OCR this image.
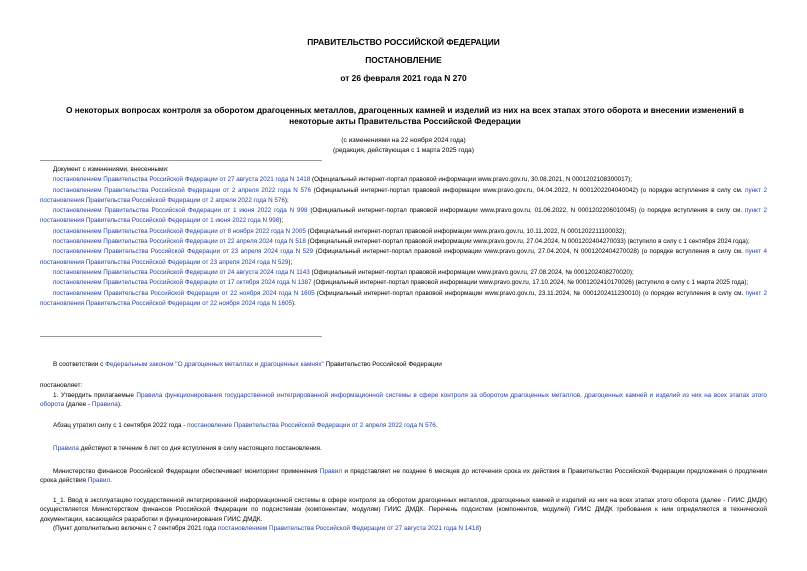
ПРАВИТЕЛЬСТВО РОССИЙСКОЙ ФЕДЕРАЦИИ
ПОСТАНОВЛЕНИЕ
от 26 февраля 2021 года N 270
О некоторых вопросах контроля за оборотом драгоценных металлов, драгоценных камней и изделий из них на всех этапах этого оборота и внесении изменений в некоторые акты Правительства Российской Федерации
(с изменениями на 22 ноября 2024 года)
(редакция, действующая с 1 марта 2025 года)

Документ с изменениями, внесенными:

постановлением Правительства Российской Федерации от 27 августа 2021 года N 1418 (Официальный интернет-портал правовой информации www.pravo.gov.ru, 30.08.2021, N 0001202108300017);

постановлением Правительства Российской Федерации от 2 апреля 2022 года N 576 (Официальный интернет-портал правовой информации www.pravo.gov.ru, 04.04.2022, N 0001202204040042) (о порядке вступления в силу см. пункт 2 постановления Правительства Российской Федерации от 2 апреля 2022 года N 576);

постановлением Правительства Российской Федерации от 1 июня 2022 года N 998 (Официальный интернет-портал правовой информации www.pravo.gov.ru, 01.06.2022, N 0001202206010045) (о порядке вступления в силу см. пункт 2 постановления Правительства Российской Федерации от 1 июня 2022 года N 998);

постановлением Правительства Российской Федерации от 8 ноября 2022 года N 2005 (Официальный интернет-портал правовой информации www.pravo.gov.ru, 10.11.2022, N 0001202211100032);

постановлением Правительства Российской Федерации от 22 апреля 2024 года N 518 (Официальный интернет-портал правовой информации www.pravo.gov.ru, 27.04.2024, N 0001202404270033) (вступило в силу с 1 сентября 2024 года);

постановлением Правительства Российской Федерации от 23 апреля 2024 года N 529 (Официальный интернет-портал правовой информации www.pravo.gov.ru, 27.04.2024, N 0001202404270028) (о порядке вступления в силу см. пункт 4 постановления Правительства Российской Федерации от 23 апреля 2024 года N 529);

постановлением Правительства Российской Федерации от 24 августа 2024 года N 1143 (Официальный интернет-портал правовой информации www.pravo.gov.ru, 27.08.2024, № 0001202408270020);

постановлением Правительства Российской Федерации от 17 октября 2024 года N 1387 (Официальный интернет-портал правовой информации www.pravo.gov.ru, 17.10.2024, № 0001202410170026) (вступило в силу с 1 марта 2025 года);

постановлением Правительства Российской Федерации от 22 ноября 2024 года N 1605 (Официальный интернет-портал правовой информации www.pravo.gov.ru, 23.11.2024, № 0001202411230010) (о порядке вступления в силу см. пункт 2 постановления Правительства Российской Федерации от 22 ноября 2024 года N 1605).

В соответствии с Федеральным законом "О драгоценных металлах и драгоценных камнях" Правительство Российской Федерации

постановляет:

1. Утвердить прилагаемые Правила функционирования государственной интегрированной информационной системы в сфере контроля за оборотом драгоценных металлов, драгоценных камней и изделий из них на всех этапах этого оборота (далее - Правила).

Абзац утратил силу с 1 сентября 2022 года - постановление Правительства Российской Федерации от 2 апреля 2022 года N 576.

Правила действуют в течение 6 лет со дня вступления в силу настоящего постановления.

Министерство финансов Российской Федерации обеспечивает мониторинг применения Правил и представляет не позднее 6 месяцев до истечения срока их действия в Правительство Российской Федерации предложения о продлении срока действия Правил.

1_1. Ввод в эксплуатацию государственной интегрированной информационной системы в сфере контроля за оборотом драгоценных металлов, драгоценных камней и изделий из них на всех этапах этого оборота (далее - ГИИС ДМДК) осуществляется Министерством финансов Российской Федерации по подсистемам (компонентам, модулям) ГИИС ДМДК. Перечень подсистем (компонентов, модулей) ГИИС ДМДК требования к ним определяются в технической документации, касающейся разработки и функционирования ГИИС ДМДК.

(Пункт дополнительно включен с 7 сентября 2021 года постановлением Правительства Российской Федерации от 27 августа 2021 года N 1418)
